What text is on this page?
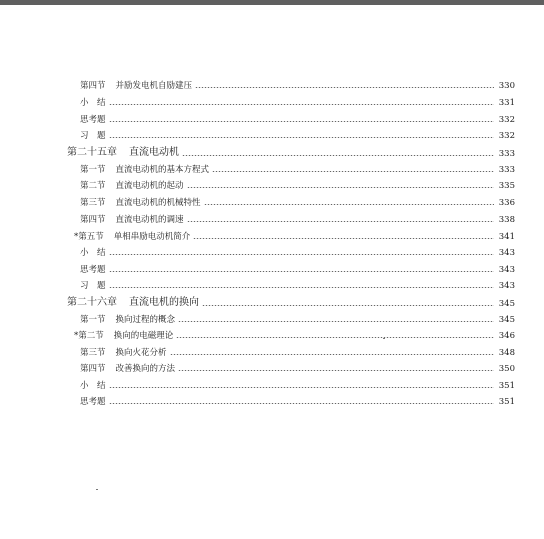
第四节 并励发电机自励建压	330
小　结	331
思考题	332
习　题	332
第二十五章 直流电动机	333
第一节 直流电动机的基本方程式	333
第二节 直流电动机的起动	335
第三节 直流电动机的机械特性	336
第四节 直流电动机的调速	338
*第五节 单相串励电动机简介	341
小　结	343
思考题	343
习　题	343
第二十六章 直流电机的换向	345
第一节 换向过程的概念	345
*第二节 换向的电磁理论	346
第三节 换向火花分析	348
第四节 改善换向的方法	350
小　结	351
思考题	351
